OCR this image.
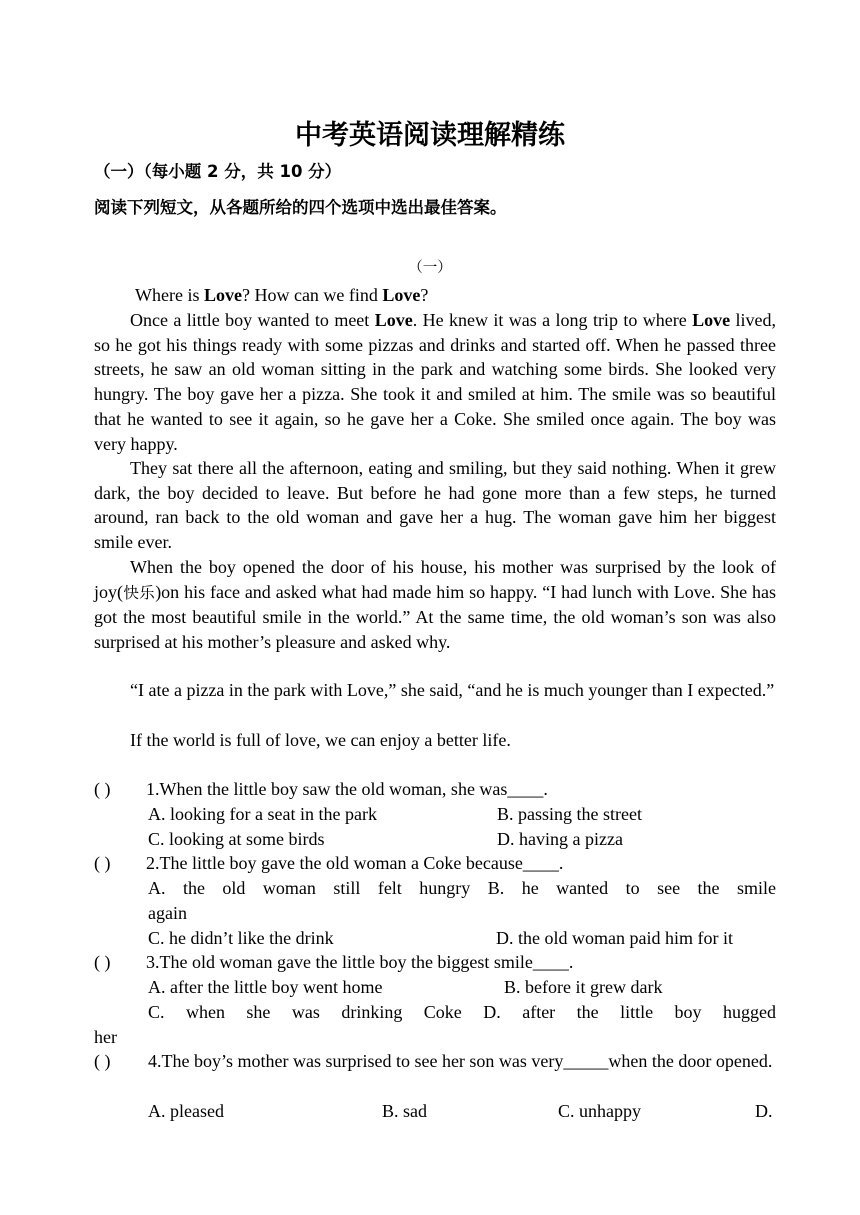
中考英语阅读理解精练
（一）（每小题 2 分，共 10 分）
阅读下列短文，从各题所给的四个选项中选出最佳答案。
（一）

Where is Love? How can we find Love?

Once a little boy wanted to meet Love. He knew it was a long trip to where Love lived, so he got his things ready with some pizzas and drinks and started off. When he passed three streets, he saw an old woman sitting in the park and watching some birds. She looked very hungry. The boy gave her a pizza. She took it and smiled at him. The smile was so beautiful that he wanted to see it again, so he gave her a Coke. She smiled once again. The boy was very happy.

They sat there all the afternoon, eating and smiling, but they said nothing. When it grew dark, the boy decided to leave. But before he had gone more than a few steps, he turned around, ran back to the old woman and gave her a hug. The woman gave him her biggest smile ever.

When the boy opened the door of his house, his mother was surprised by the look of joy(快乐)on his face and asked what had made him so happy. “I had lunch with Love. She has got the most beautiful smile in the world.” At the same time, the old woman’s son was also surprised at his mother’s pleasure and asked why.

“I ate a pizza in the park with Love,” she said, “and he is much younger than I expected.”

If the world is full of love, we can enjoy a better life.

( ) 1.When the little boy saw the old woman, she was____.
A. looking for a seat in the park	B. passing the street
C. looking at some birds	D. having a pizza
( ) 2.The little boy gave the old woman a Coke because____.
A. the old woman still felt hungry B. he wanted to see the smile
again
C. he didn’t like the drink	D. the old woman paid him for it
( ) 3.The old woman gave the little boy the biggest smile____.
A. after the little boy went home	B. before it grew dark
C. when she was drinking Coke D. after the little boy hugged
her
( ) 4.The boy’s mother was surprised to see her son was very_____when the door opened.
A. pleased	B. sad	C. unhappy	D.
